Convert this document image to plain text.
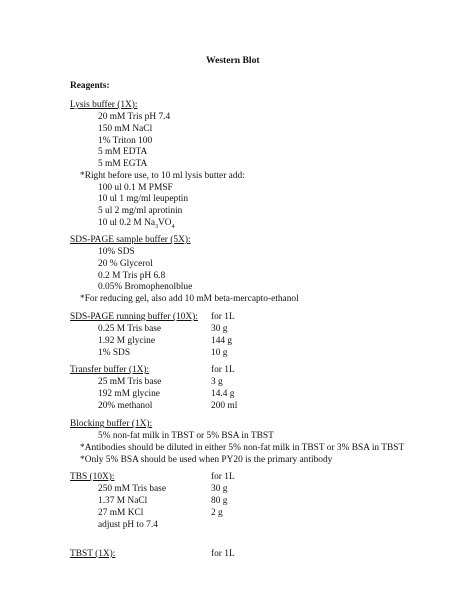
Western Blot
Reagents:
Lysis buffer (1X):
20 mM Tris pH 7.4
150 mM NaCl
1% Triton 100
5 mM EDTA
5 mM EGTA
*Right before use, to 10 ml lysis butter add:
100 ul 0.1 M PMSF
10 ul 1 mg/ml leupeptin
5 ul 2 mg/ml aprotinin
10 ul 0.2 M $Na_3VO_4$
SDS-PAGE sample buffer (5X):
10% SDS
20 % Glycerol
0.2 M Tris pH 6.8
0.05% Bromophenolblue
*For reducing gel, also add 10 mM beta-mercapto-ethanol
SDS-PAGE running buffer (10X): for 1L
0.25 M Tris base	30 g
1.92 M glycine	144 g
1% SDS	10 g
Transfer buffer (1X):	for 1L
25 mM Tris base	3 g
192 mM glycine	14.4 g
20% methanol	200 ml
Blocking buffer (1X):
5% non-fat milk in TBST or 5% BSA in TBST
*Antibodies should be diluted in either 5% non-fat milk in TBST or 3% BSA in TBST
*Only 5% BSA should be used when PY20 is the primary antibody
TBS (10X):	for 1L
250 mM Tris base	30 g
1.37 M NaCl	80 g
27 mM KCl	2 g
adjust pH to 7.4
TBST (1X):	for 1L
